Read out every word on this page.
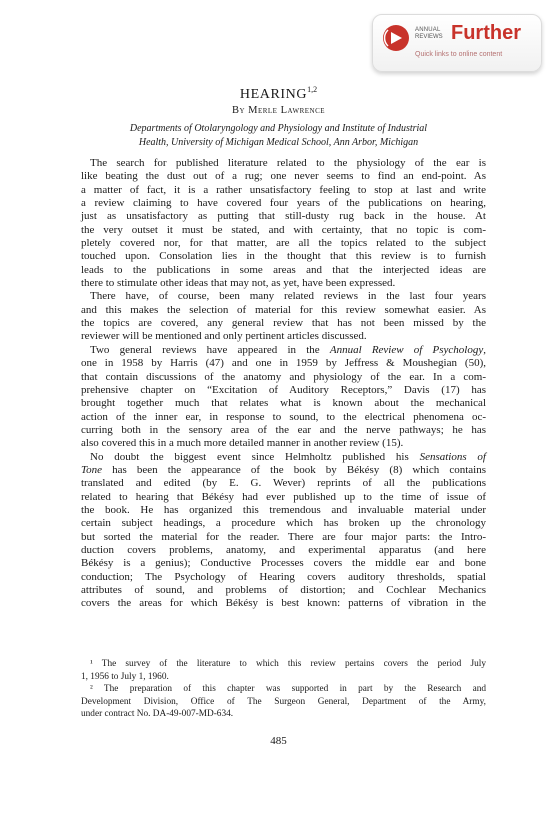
ANNUAL
REVIEWS Further
Quick links to online content
HEARING$^{1,2}$
By Merle Lawrence
Departments of Otolaryngology and Physiology and Institute of Industrial
Health, University of Michigan Medical School, Ann Arbor, Michigan
The search for published literature related to the physiology of the ear is
like beating the dust out of a rug; one never seems to find an end-point. As
a matter of fact, it is a rather unsatisfactory feeling to stop at last and write
a review claiming to have covered four years of the publications on hearing,
just as unsatisfactory as putting that still-dusty rug back in the house. At
the very outset it must be stated, and with certainty, that no topic is com-
pletely covered nor, for that matter, are all the topics related to the subject
touched upon. Consolation lies in the thought that this review is to furnish
leads to the publications in some areas and that the interjected ideas are
there to stimulate other ideas that may not, as yet, have been expressed.
There have, of course, been many related reviews in the last four years
and this makes the selection of material for this review somewhat easier. As
the topics are covered, any general review that has not been missed by the
reviewer will be mentioned and only pertinent articles discussed.
Two general reviews have appeared in the Annual Review of Psychology,
one in 1958 by Harris (47) and one in 1959 by Jeffress & Moushegian (50),
that contain discussions of the anatomy and physiology of the ear. In a com-
prehensive chapter on “Excitation of Auditory Receptors,” Davis (17) has
brought together much that relates what is known about the mechanical
action of the inner ear, in response to sound, to the electrical phenomena oc-
curring both in the sensory area of the ear and the nerve pathways; he has
also covered this in a much more detailed manner in another review (15).
No doubt the biggest event since Helmholtz published his Sensations of
Tone has been the appearance of the book by Békésy (8) which contains
translated and edited (by E. G. Wever) reprints of all the publications
related to hearing that Békésy had ever published up to the time of issue of
the book. He has organized this tremendous and invaluable material under
certain subject headings, a procedure which has broken up the chronology
but sorted the material for the reader. There are four major parts: the Intro-
duction covers problems, anatomy, and experimental apparatus (and here
Békésy is a genius); Conductive Processes covers the middle ear and bone
conduction; The Psychology of Hearing covers auditory thresholds, spatial
attributes of sound, and problems of distortion; and Cochlear Mechanics
covers the areas for which Békésy is best known: patterns of vibration in the
¹ The survey of the literature to which this review pertains covers the period July
1, 1956 to July 1, 1960.
² The preparation of this chapter was supported in part by the Research and
Development Division, Office of The Surgeon General, Department of the Army,
under contract No. DA-49-007-MD-634.
485
